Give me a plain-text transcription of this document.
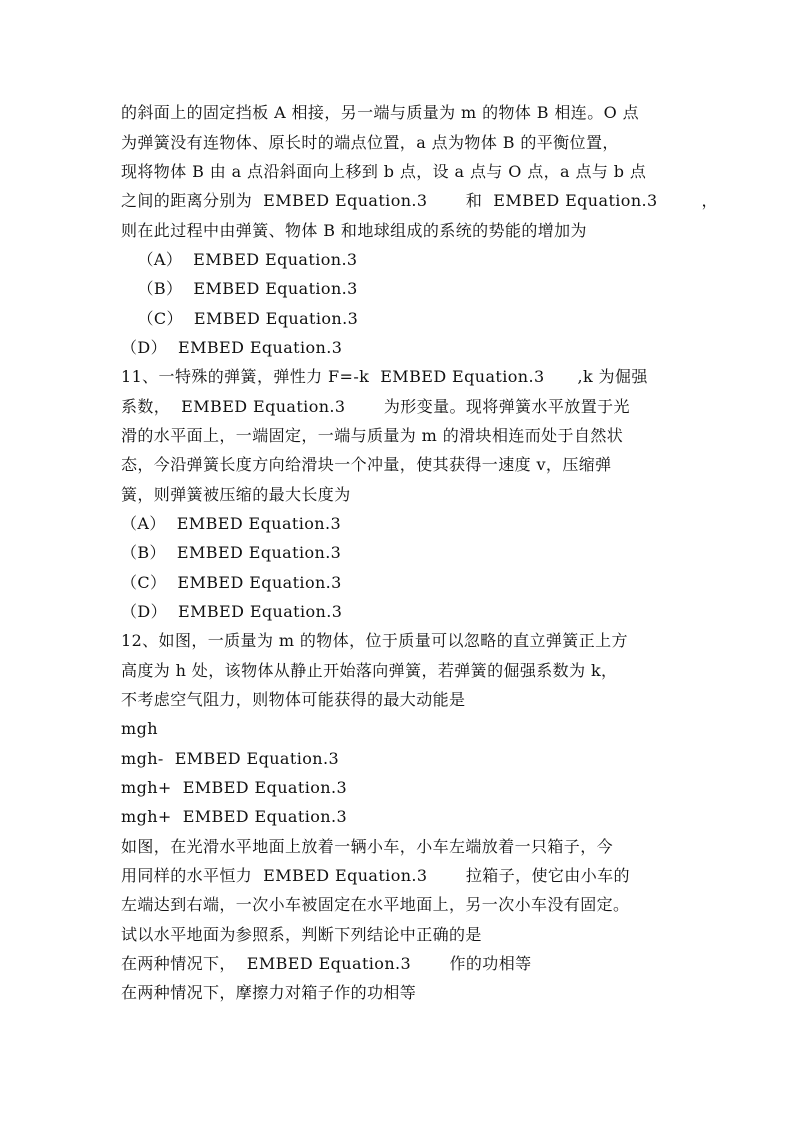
的斜面上的固定挡板 A 相接，另一端与质量为 m 的物体 B 相连。O 点
为弹簧没有连物体、原长时的端点位置，a 点为物体 B 的平衡位置，
现将物体 B 由 a 点沿斜面向上移到 b 点，设 a 点与 O 点，a 点与 b 点
之间的距离分别为  EMBED Equation.3       和  EMBED Equation.3        ，
则在此过程中由弹簧、物体 B 和地球组成的系统的势能的增加为
（A）  EMBED Equation.3
（B）  EMBED Equation.3
（C）  EMBED Equation.3
（D）  EMBED Equation.3
11、一特殊的弹簧，弹性力 F=-k  EMBED Equation.3      ,k 为倔强
系数，  EMBED Equation.3       为形变量。现将弹簧水平放置于光
滑的水平面上，一端固定，一端与质量为 m 的滑块相连而处于自然状
态，今沿弹簧长度方向给滑块一个冲量，使其获得一速度 v，压缩弹
簧，则弹簧被压缩的最大长度为
（A）  EMBED Equation.3
（B）  EMBED Equation.3
（C）  EMBED Equation.3
（D）  EMBED Equation.3
12、如图，一质量为 m 的物体，位于质量可以忽略的直立弹簧正上方
高度为 h 处，该物体从静止开始落向弹簧，若弹簧的倔强系数为 k，
不考虑空气阻力，则物体可能获得的最大动能是
mgh
mgh-  EMBED Equation.3
mgh+  EMBED Equation.3
mgh+  EMBED Equation.3
如图，在光滑水平地面上放着一辆小车，小车左端放着一只箱子，今
用同样的水平恒力  EMBED Equation.3       拉箱子，使它由小车的
左端达到右端，一次小车被固定在水平地面上，另一次小车没有固定。
试以水平地面为参照系，判断下列结论中正确的是
在两种情况下，  EMBED Equation.3       作的功相等
在两种情况下，摩擦力对箱子作的功相等
